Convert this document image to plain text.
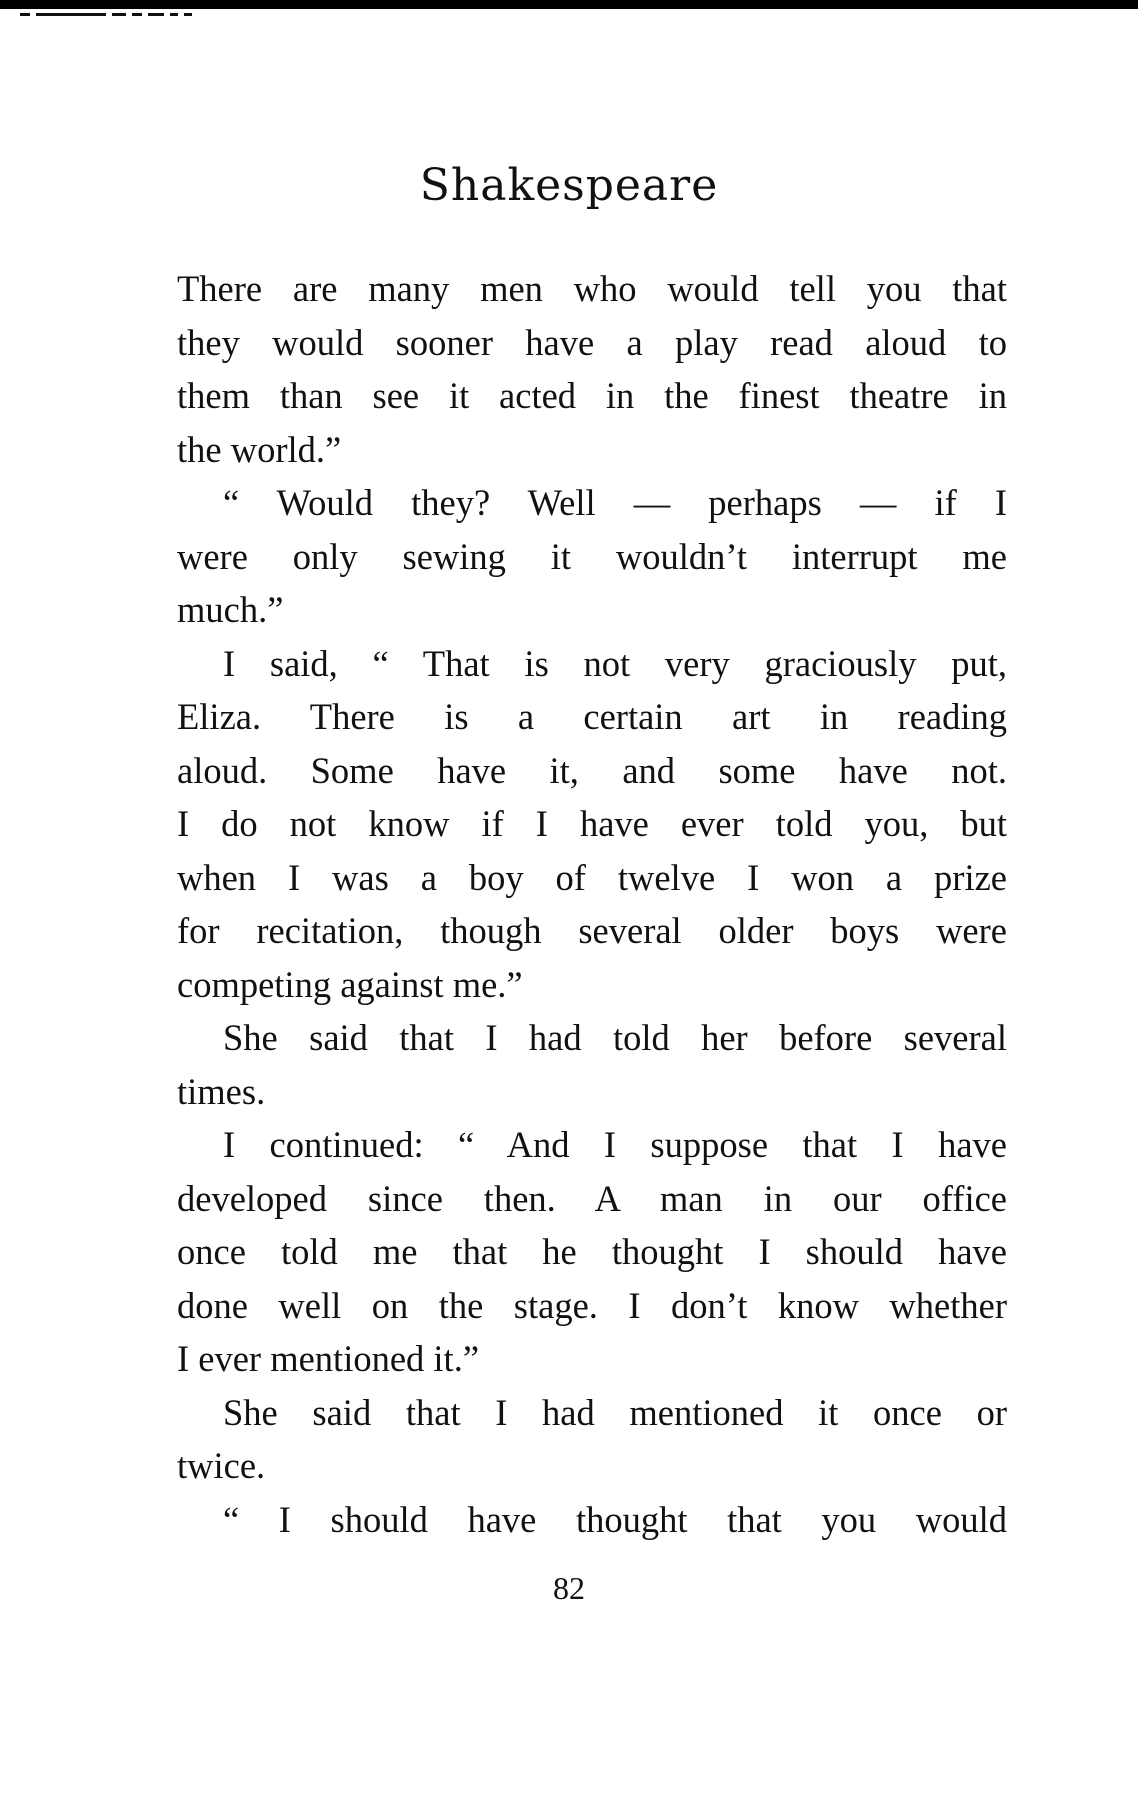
Shakespeare
There are many men who would tell you that
they would sooner have a play read aloud to
them than see it acted in the finest theatre in
the world.”
“ Would they? Well — perhaps — if I
were only sewing it wouldn’t interrupt me
much.”
I said, “ That is not very graciously put,
Eliza. There is a certain art in reading
aloud. Some have it, and some have not.
I do not know if I have ever told you, but
when I was a boy of twelve I won a prize
for recitation, though several older boys were
competing against me.”
She said that I had told her before several
times.
I continued: “ And I suppose that I have
developed since then. A man in our office
once told me that he thought I should have
done well on the stage. I don’t know whether
I ever mentioned it.”
She said that I had mentioned it once or
twice.
“ I should have thought that you would
82
